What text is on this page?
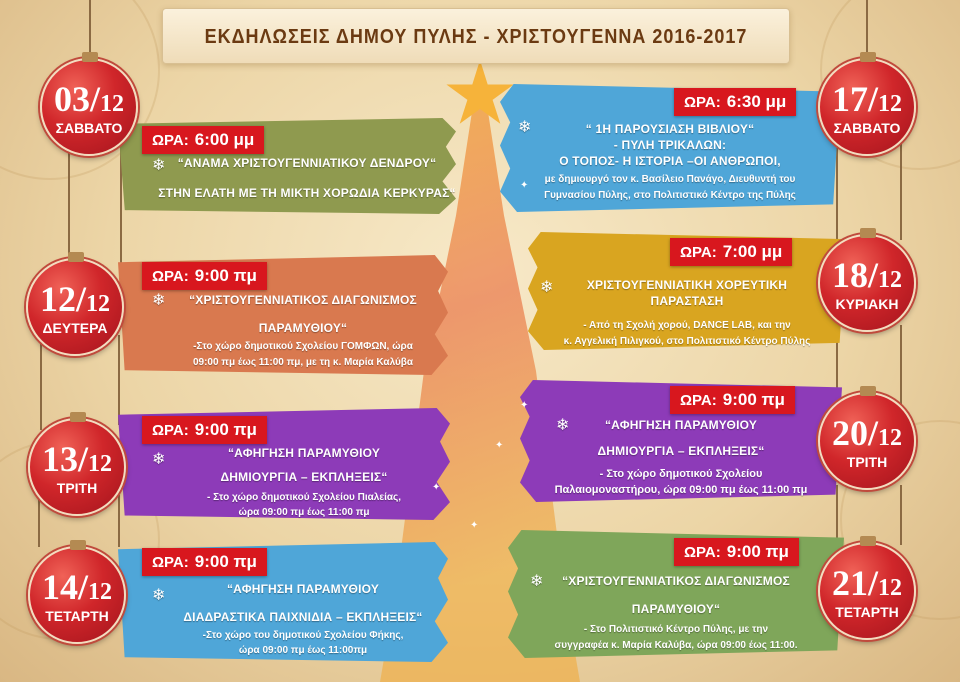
ΕΚΔΗΛΩΣΕΙΣ ΔΗΜΟΥ ΠΥΛΗΣ - ΧΡΙΣΤΟΥΓΕΝΝΑ 2016-2017
❄	“ΑΝΑΜΑ ΧΡΙΣΤΟΥΓΕΝΝΙΑΤΙΚΟΥ ΔΕΝΔΡΟΥ“
ΣΤΗΝ ΕΛΑΤΗ ΜΕ ΤΗ ΜΙΚΤΗ ΧΟΡΩΔΙΑ ΚΕΡΚΥΡΑΣ“
ΩΡΑ: 6:00 μμ
❄	“ΧΡΙΣΤΟΥΓΕΝΝΙΑΤΙΚΟΣ ΔΙΑΓΩΝΙΣΜΟΣ
ΠΑΡΑΜΥΘΙΟΥ“
-Στο χώρο δημοτικού Σχολείου ΓΟΜΦΩΝ, ώρα
09:00 πμ έως 11:00 πμ, με τη κ. Μαρία Καλύβα
ΩΡΑ: 9:00 πμ
❄	“ΑΦΗΓΗΣΗ ΠΑΡΑΜΥΘΙΟΥ
ΔΗΜΙΟΥΡΓΙΑ – ΕΚΠΛΗΞΕΙΣ“
- Στο χώρο δημοτικού Σχολείου Πιαλείας,
ώρα 09:00 πμ έως 11:00 πμ
ΩΡΑ: 9:00 πμ
❄	“ΑΦΗΓΗΣΗ ΠΑΡΑΜΥΘΙΟΥ
ΔΙΑΔΡΑΣΤΙΚΑ ΠΑΙΧΝΙΔΙΑ – ΕΚΠΛΗΞΕΙΣ“
-Στο χώρο του δημοτικού Σχολείου Φήκης,
ώρα 09:00 πμ έως 11:00πμ
ΩΡΑ: 9:00 πμ
❄	“ 1Η ΠΑΡΟΥΣΙΑΣΗ ΒΙΒΛΙΟΥ“
- ΠΥΛΗ ΤΡΙΚΑΛΩΝ:
Ο ΤΟΠΟΣ- Η ΙΣΤΟΡΙΑ –ΟΙ ΑΝΘΡΩΠΟΙ,
με δημιουργό τον κ. Βασίλειο Πανάγο, Διευθυντή του
Γυμνασίου Πύλης, στο Πολιτιστικό Κέντρο της Πύλης
ΩΡΑ: 6:30 μμ
❄	ΧΡΙΣΤΟΥΓΕΝΝΙΑΤΙΚΗ ΧΟΡΕΥΤΙΚΗ
ΠΑΡΑΣΤΑΣΗ
- Από τη Σχολή χορού, DANCE LAB, και την
κ. Αγγελική Πιλιγκού, στο Πολιτιστικό Κέντρο Πύλης
ΩΡΑ: 7:00 μμ
❄	“ΑΦΗΓΗΣΗ ΠΑΡΑΜΥΘΙΟΥ
ΔΗΜΙΟΥΡΓΙΑ – ΕΚΠΛΗΞΕΙΣ“
- Στο χώρο δημοτικού Σχολείου
Παλαιομοναστήρου, ώρα 09:00 πμ έως 11:00 πμ
ΩΡΑ: 9:00 πμ
❄	“ΧΡΙΣΤΟΥΓΕΝΝΙΑΤΙΚΟΣ ΔΙΑΓΩΝΙΣΜΟΣ
ΠΑΡΑΜΥΘΙΟΥ“
- Στο Πολιτιστικό Κέντρο Πύλης, με την
συγγραφέα κ. Μαρία Καλύβα, ώρα 09:00 έως 11:00.
ΩΡΑ: 9:00 πμ
03/12
ΣΑΒΒΑΤΟ
12/12
ΔΕΥΤΕΡΑ
13/12
ΤΡΙΤΗ
14/12
ΤΕΤΑΡΤΗ
17/12
ΣΑΒΒΑΤΟ
18/12
ΚΥΡΙΑΚΗ
20/12
ΤΡΙΤΗ
21/12
ΤΕΤΑΡΤΗ
✦
✦
✦
✦
✦
